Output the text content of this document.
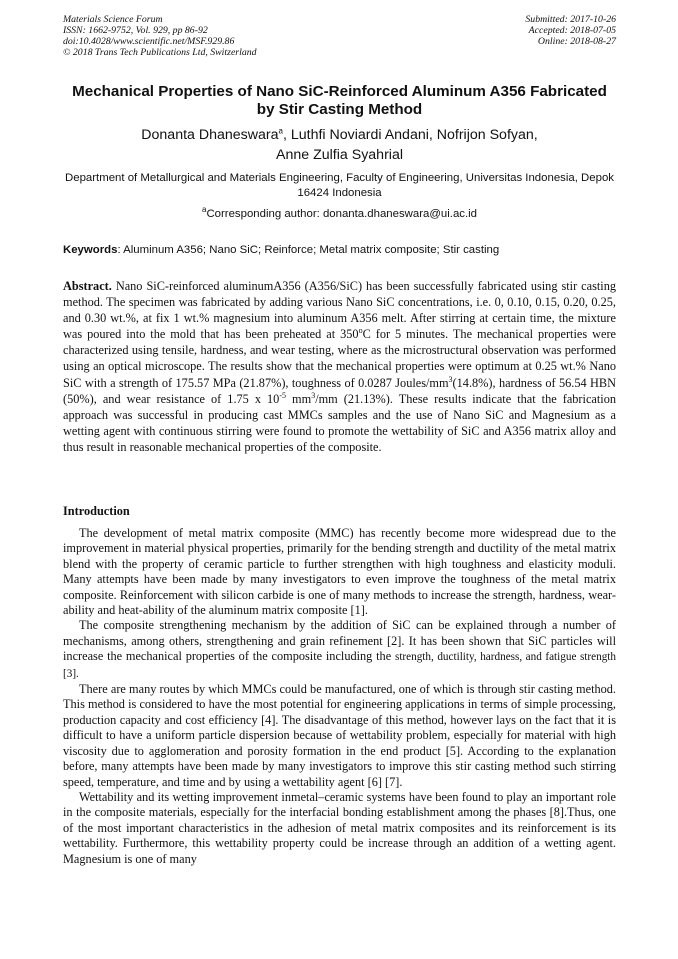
Materials Science Forum
ISSN: 1662-9752, Vol. 929, pp 86-92
doi:10.4028/www.scientific.net/MSF.929.86
© 2018 Trans Tech Publications Ltd, Switzerland
Submitted: 2017-10-26
Accepted: 2018-07-05
Online: 2018-08-27
Mechanical Properties of Nano SiC-Reinforced Aluminum A356 Fabricated by Stir Casting Method
Donanta Dhaneswara$^a$, Luthfi Noviardi Andani, Nofrijon Sofyan,
Anne Zulfia Syahrial
Department of Metallurgical and Materials Engineering, Faculty of Engineering, Universitas Indonesia, Depok 16424 Indonesia
$^a$Corresponding author: donanta.dhaneswara@ui.ac.id
Keywords: Aluminum A356; Nano SiC; Reinforce; Metal matrix composite; Stir casting
Abstract. Nano SiC-reinforced aluminumA356 (A356/SiC) has been successfully fabricated using stir casting method. The specimen was fabricated by adding various Nano SiC concentrations, i.e. 0, 0.10, 0.15, 0.20, 0.25, and 0.30 wt.%, at fix 1 wt.% magnesium into aluminum A356 melt. After stirring at certain time, the mixture was poured into the mold that has been preheated at 350$^o$C for 5 minutes. The mechanical properties were characterized using tensile, hardness, and wear testing, where as the microstructural observation was performed using an optical microscope. The results show that the mechanical properties were optimum at 0.25 wt.% Nano SiC with a strength of 175.57 MPa (21.87%), toughness of 0.0287 Joules/$mm^3(14.8\%)$, hardness of 56.54 HBN (50%), and wear resistance of 1.75 x $10^{-5}$ $mm^3/mm$ (21.13%). These results indicate that the fabrication approach was successful in producing cast MMCs samples and the use of Nano SiC and Magnesium as a wetting agent with continuous stirring were found to promote the wettability of SiC and A356 matrix alloy and thus result in reasonable mechanical properties of the composite.
Introduction

The development of metal matrix composite (MMC) has recently become more widespread due to the improvement in material physical properties, primarily for the bending strength and ductility of the metal matrix blend with the property of ceramic particle to further strengthen with high toughness and elasticity moduli. Many attempts have been made by many investigators to even improve the toughness of the metal matrix composite. Reinforcement with silicon carbide is one of many methods to increase the strength, hardness, wear-ability and heat-ability of the aluminum matrix composite [1].

The composite strengthening mechanism by the addition of SiC can be explained through a number of mechanisms, among others, strengthening and grain refinement [2]. It has been shown that SiC particles will increase the mechanical properties of the composite including the strength, ductility, hardness, and fatigue strength [3].

There are many routes by which MMCs could be manufactured, one of which is through stir casting method. This method is considered to have the most potential for engineering applications in terms of simple processing, production capacity and cost efficiency [4]. The disadvantage of this method, however lays on the fact that it is difficult to have a uniform particle dispersion because of wettability problem, especially for material with high viscosity due to agglomeration and porosity formation in the end product [5]. According to the explanation before, many attempts have been made by many investigators to improve this stir casting method such stirring speed, temperature, and time and by using a wettability agent [6] [7].

Wettability and its wetting improvement inmetal–ceramic systems have been found to play an important role in the composite materials, especially for the interfacial bonding establishment among the phases [8].Thus, one of the most important characteristics in the adhesion of metal matrix composites and its reinforcement is its wettability. Furthermore, this wettability property could be increase through an addition of a wetting agent. Magnesium is one of many
